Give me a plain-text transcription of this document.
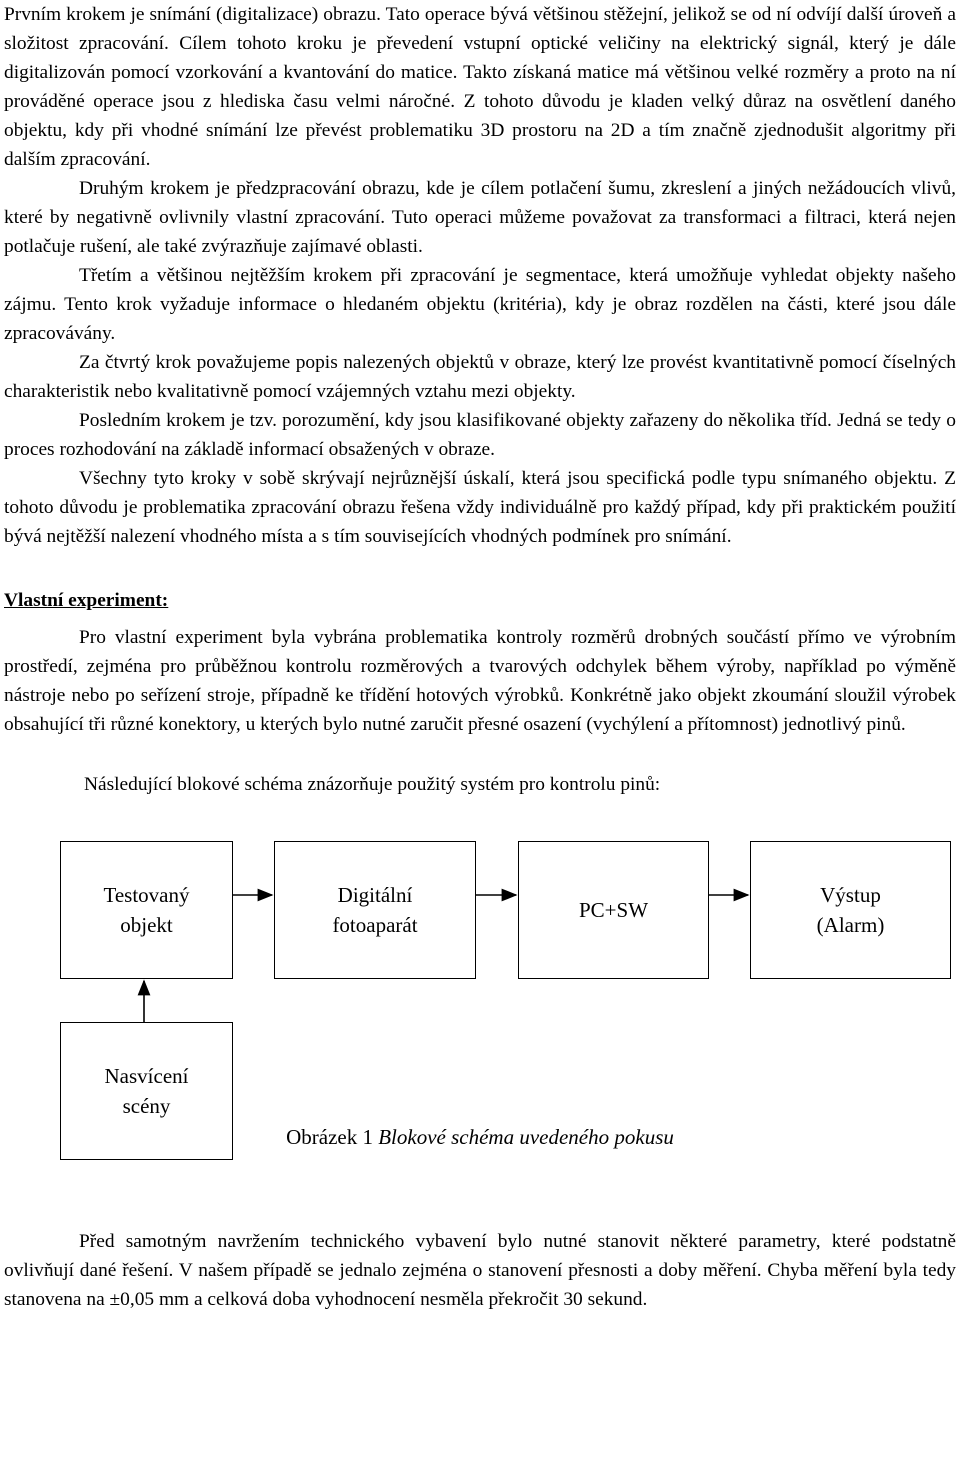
Prvním krokem je snímání (digitalizace) obrazu. Tato operace bývá většinou stěžejní, jelikož se od ní odvíjí další úroveň a složitost zpracování. Cílem tohoto kroku je převedení vstupní optické veličiny na elektrický signál, který je dále digitalizován pomocí vzorkování a kvantování do matice. Takto získaná matice má většinou velké rozměry a proto na ní prováděné operace jsou z hlediska času velmi náročné. Z tohoto důvodu je kladen velký důraz na osvětlení daného objektu, kdy při vhodné snímání lze převést problematiku 3D prostoru na 2D a tím značně zjednodušit algoritmy při dalším zpracování.

Druhým krokem je předzpracování obrazu, kde je cílem potlačení šumu, zkreslení a jiných nežádoucích vlivů, které by negativně ovlivnily vlastní zpracování. Tuto operaci můžeme považovat za transformaci a filtraci, která nejen potlačuje rušení, ale také zvýrazňuje zajímavé oblasti.

Třetím a většinou nejtěžším krokem při zpracování je segmentace, která umožňuje vyhledat objekty našeho zájmu. Tento krok vyžaduje informace o hledaném objektu (kritéria), kdy je obraz rozdělen na části, které jsou dále zpracovávány.

Za čtvrtý krok považujeme popis nalezených objektů v obraze, který lze provést kvantitativně pomocí číselných charakteristik nebo kvalitativně pomocí vzájemných vztahu mezi objekty.

Posledním krokem je tzv. porozumění, kdy jsou klasifikované objekty zařazeny do několika tříd. Jedná se tedy o proces rozhodování na základě informací obsažených v obraze.

Všechny tyto kroky v sobě skrývají nejrůznější úskalí, která jsou specifická podle typu snímaného objektu. Z tohoto důvodu je problematika zpracování obrazu řešena vždy individuálně pro každý případ, kdy při praktickém použití bývá nejtěžší nalezení vhodného místa a s tím souvisejících vhodných podmínek pro snímání.

Vlastní experiment:

Pro vlastní experiment byla vybrána problematika kontroly rozměrů drobných součástí přímo ve výrobním prostředí, zejména pro průběžnou kontrolu rozměrových a tvarových odchylek během výroby, například po výměně nástroje nebo po seřízení stroje, případně ke třídění hotových výrobků. Konkrétně jako objekt zkoumání sloužil výrobek obsahující tři různé konektory, u kterých bylo nutné zaručit přesné osazení (vychýlení a přítomnost) jednotlivý pinů.

Následující blokové schéma znázorňuje použitý systém pro kontrolu pinů:

Testovaný
objekt
Digitální
fotoaparát
PC+SW
Výstup
(Alarm)
Nasvícení
scény
Obrázek 1 Blokové schéma uvedeného pokusu

Před samotným navržením technického vybavení bylo nutné stanovit některé parametry, které podstatně ovlivňují dané řešení. V našem případě se jednalo zejména o stanovení přesnosti a doby měření. Chyba měření byla tedy stanovena na ±0,05 mm a celková doba vyhodnocení nesměla překročit 30 sekund.
